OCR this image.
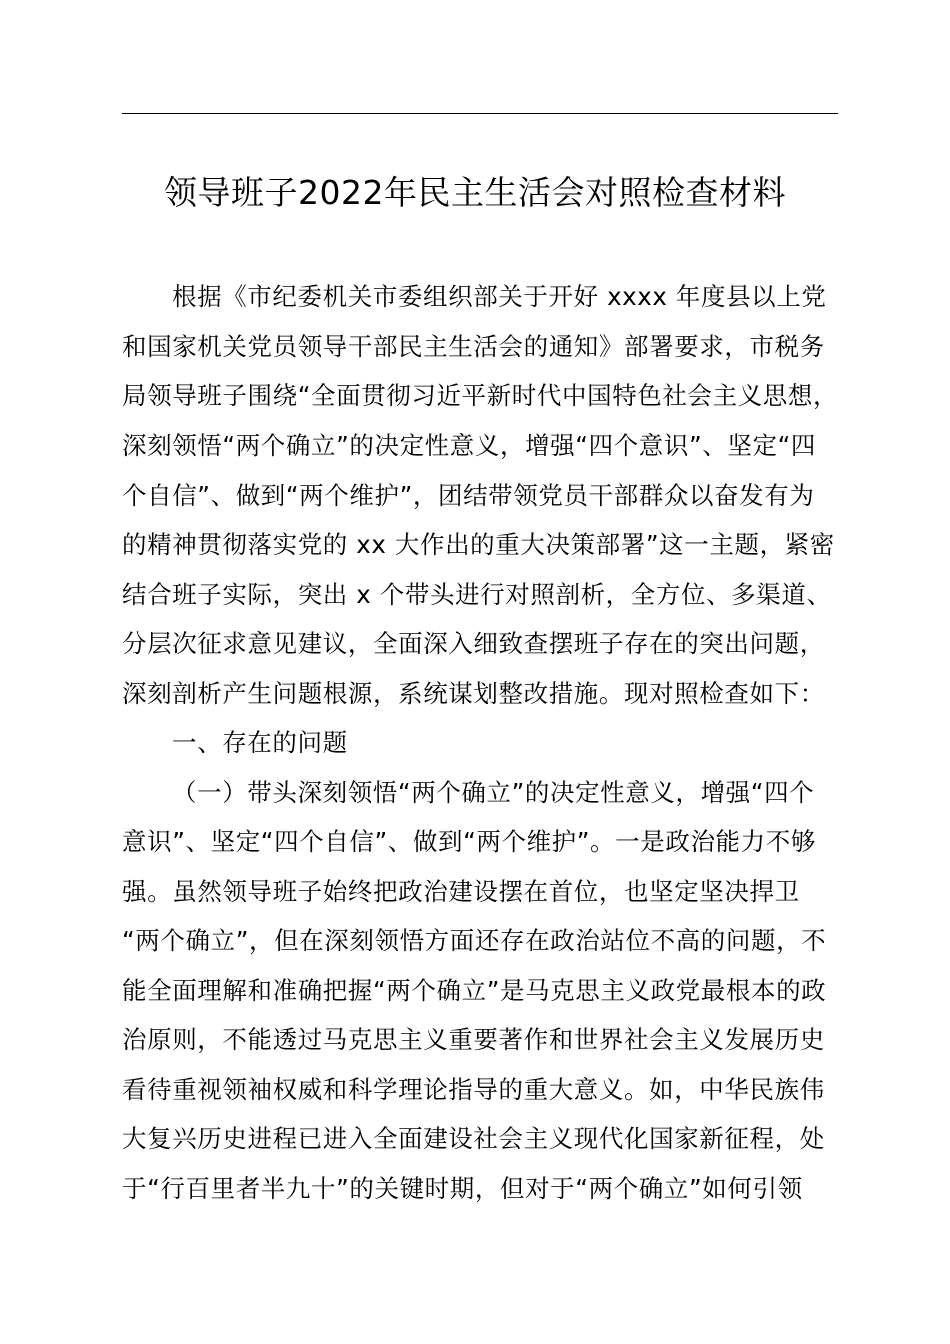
领导班子2022年民主生活会对照检查材料

根据《市纪委机关市委组织部关于开好 xxxx 年度县以上党

和国家机关党员领导干部民主生活会的通知》部署要求，市税务

局领导班子围绕“全面贯彻习近平新时代中国特色社会主义思想，

深刻领悟“两个确立”的决定性意义，增强“四个意识”、坚定“四

个自信”、做到“两个维护”，团结带领党员干部群众以奋发有为

的精神贯彻落实党的 xx 大作出的重大决策部署”这一主题，紧密

结合班子实际，突出 x 个带头进行对照剖析，全方位、多渠道、

分层次征求意见建议，全面深入细致查摆班子存在的突出问题，

深刻剖析产生问题根源，系统谋划整改措施。现对照检查如下：

一、存在的问题

（一）带头深刻领悟“两个确立”的决定性意义，增强“四个

意识”、坚定“四个自信”、做到“两个维护”。一是政治能力不够

强。虽然领导班子始终把政治建设摆在首位，也坚定坚决捍卫

“两个确立”，但在深刻领悟方面还存在政治站位不高的问题，不

能全面理解和准确把握“两个确立”是马克思主义政党最根本的政

治原则，不能透过马克思主义重要著作和世界社会主义发展历史

看待重视领袖权威和科学理论指导的重大意义。如，中华民族伟

大复兴历史进程已进入全面建设社会主义现代化国家新征程，处

于“行百里者半九十”的关键时期，但对于“两个确立”如何引领
